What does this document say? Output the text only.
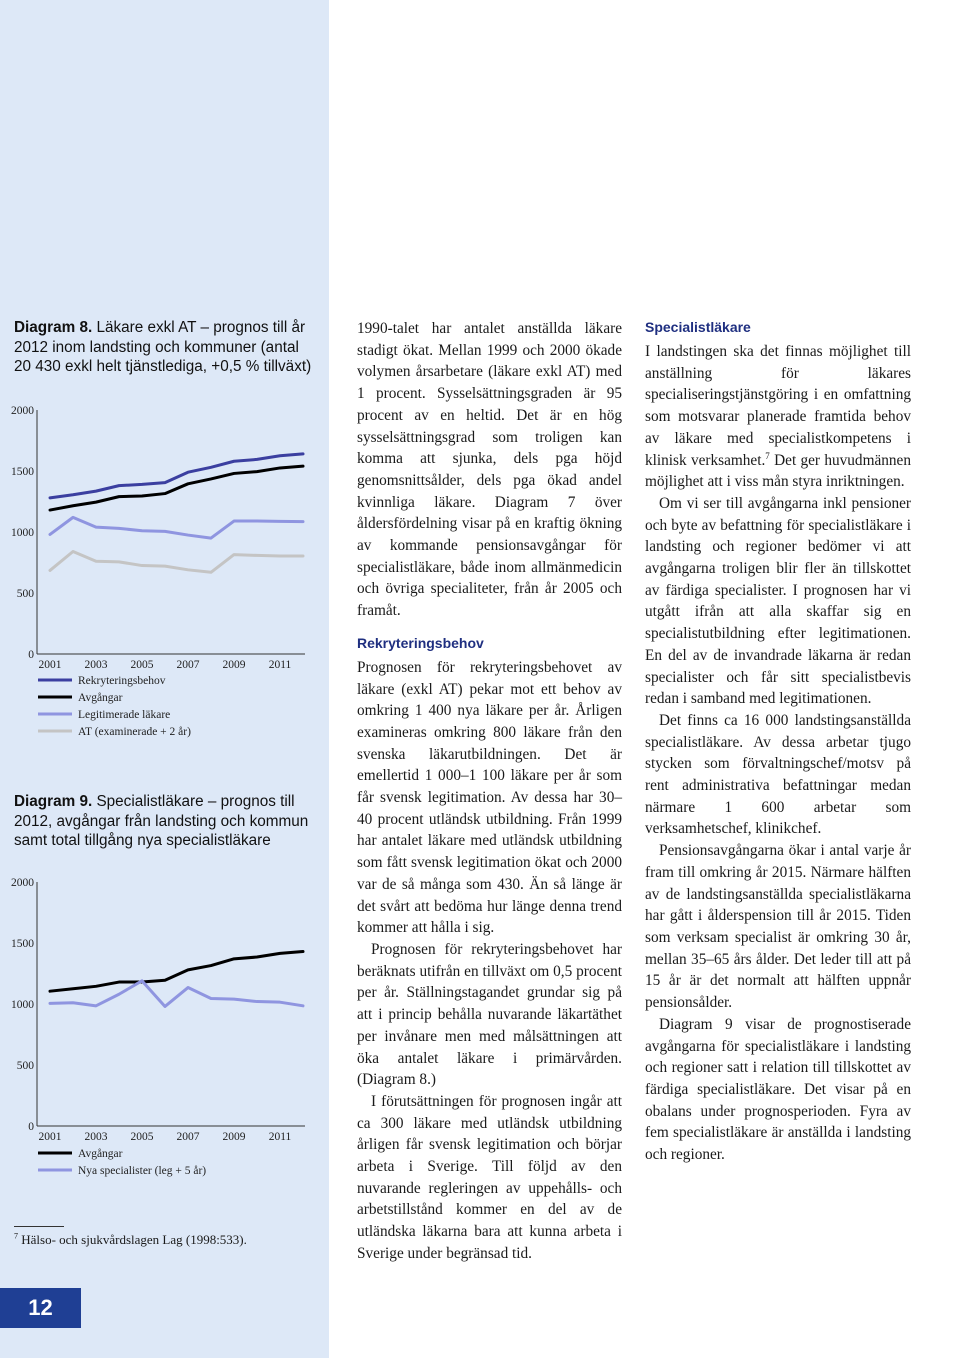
Diagram 8. Läkare exkl AT – prognos till år 2012 inom landsting och kommuner (antal 20 430 exkl helt tjänstlediga, +0,5 % tillväxt)
0
500
1000
1500
2000
2001 2003 2005 2007 2009 2011
Rekryteringsbehov
Avgångar
Legitimerade läkare
AT (examinerade + 2 år)
Diagram 9. Specialistläkare – prognos till 2012, avgångar från landsting och kommun samt total tillgång nya specialistläkare
0
500
1000
1500
2000
2001 2003 2005 2007 2009 2011
Avgångar
Nya specialister (leg + 5 år)
$^7$ Hälso- och sjukvårdslagen Lag (1998:533).
12

1990-talet har antalet anställda läkare stadigt ökat. Mellan 1999 och 2000 ökade volymen årsarbetare (läkare exkl AT) med 1 procent. Sysselsättningsgraden är 95 procent av en heltid. Det är en hög sysselsättningsgrad som troligen kan komma att sjunka, dels pga höjd genomsnittsålder, dels pga ökad andel kvinnliga läkare. Diagram 7 över åldersfördelning visar på en kraftig ökning av kommande pensionsavgångar för specialistläkare, både inom allmänmedicin och övriga specialiteter, från år 2005 och framåt.

Rekryteringsbehov

Prognosen för rekryteringsbehovet av läkare (exkl AT) pekar mot ett behov av omkring 1 400 nya läkare per år. Årligen examineras omkring 800 läkare från den svenska läkarutbildningen. Det är emellertid 1 000–1 100 läkare per år som får svensk legitimation. Av dessa har 30–40 procent utländsk utbildning. Från 1999 har antalet läkare med utländsk utbildning som fått svensk legitimation ökat och 2000 var de så många som 430. Än så länge är det svårt att bedöma hur länge denna trend kommer att hålla i sig.

Prognosen för rekryteringsbehovet har beräknats utifrån en tillväxt om 0,5 procent per år. Ställningstagandet grundar sig på att i princip behålla nuvarande läkartäthet per invånare men med målsättningen att öka antalet läkare i primärvården. (Diagram 8.)

I förutsättningen för prognosen ingår att ca 300 läkare med utländsk utbildning årligen får svensk legitimation och börjar arbeta i Sverige. Till följd av den nuvarande regleringen av uppehålls- och arbetstillstånd kommer en del av de utländska läkarna bara att kunna arbeta i Sverige under begränsad tid.

Specialistläkare

I landstingen ska det finnas möjlighet till anställning för läkares specialiseringstjänstgöring i en omfattning som motsvarar planerade framtida behov av läkare med specialistkompetens i klinisk verksamhet.$^7$ Det ger huvudmännen möjlighet att i viss mån styra inriktningen.

Om vi ser till avgångarna inkl pensioner och byte av befattning för specialistläkare i landsting och regioner bedömer vi att avgångarna troligen blir fler än tillskottet av färdiga specialister. I prognosen har vi utgått ifrån att alla skaffar sig en specialistutbildning efter legitimationen. En del av de invandrade läkarna är redan specialister och får sitt specialistbevis redan i samband med legitimationen.

Det finns ca 16 000 landstingsanställda specialistläkare. Av dessa arbetar tjugo stycken som förvaltningschef/motsv på rent administrativa befattningar medan närmare 1 600 arbetar som verksamhetschef, klinikchef.

Pensionsavgångarna ökar i antal varje år fram till omkring år 2015. Närmare hälften av de landstingsanställda specialistläkarna har gått i ålderspension till år 2015. Tiden som verksam specialist är omkring 30 år, mellan 35–65 års ålder. Det leder till att på 15 år är det normalt att hälften uppnår pensionsålder.

Diagram 9 visar de prognostiserade avgångarna för specialistläkare i landsting och regioner satt i relation till tillskottet av färdiga specialistläkare. Det visar på en obalans under prognosperioden. Fyra av fem specialistläkare är anställda i landsting och regioner.
